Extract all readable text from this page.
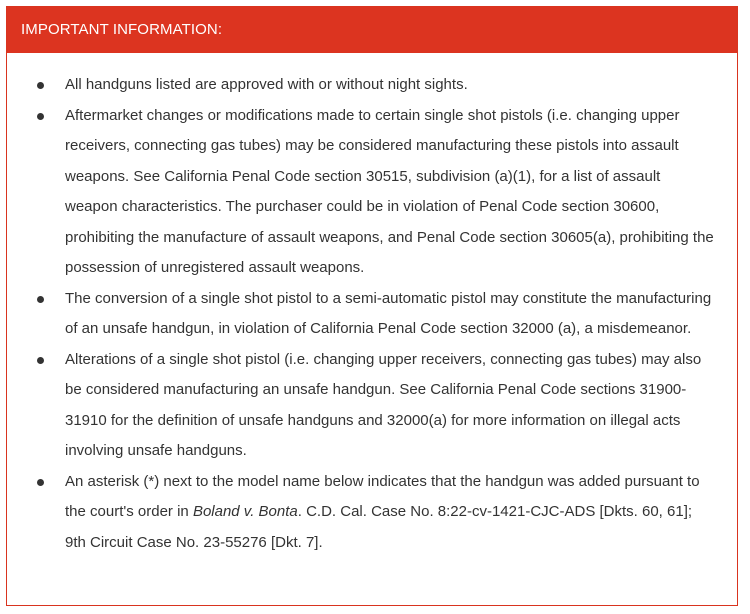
IMPORTANT INFORMATION:
All handguns listed are approved with or without night sights.
Aftermarket changes or modifications made to certain single shot pistols (i.e. changing upper receivers, connecting gas tubes) may be considered manufacturing these pistols into assault weapons. See California Penal Code section 30515, subdivision (a)(1), for a list of assault weapon characteristics. The purchaser could be in violation of Penal Code section 30600, prohibiting the manufacture of assault weapons, and Penal Code section 30605(a), prohibiting the possession of unregistered assault weapons.
The conversion of a single shot pistol to a semi-automatic pistol may constitute the manufacturing of an unsafe handgun, in violation of California Penal Code section 32000 (a), a misdemeanor.
Alterations of a single shot pistol (i.e. changing upper receivers, connecting gas tubes) may also be considered manufacturing an unsafe handgun. See California Penal Code sections 31900-31910 for the definition of unsafe handguns and 32000(a) for more information on illegal acts involving unsafe handguns.
An asterisk (*) next to the model name below indicates that the handgun was added pursuant to the court's order in Boland v. Bonta. C.D. Cal. Case No. 8:22-cv-1421-CJC-ADS [Dkts. 60, 61]; 9th Circuit Case No. 23-55276 [Dkt. 7].
